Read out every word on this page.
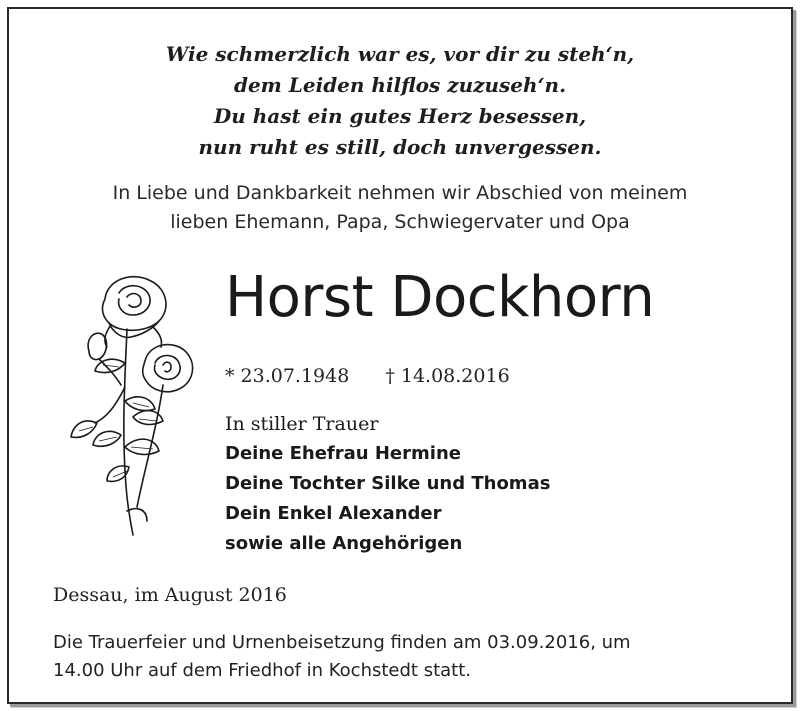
Wie schmerzlich war es, vor dir zu steh‘n,
dem Leiden hilflos zuzuseh‘n.
Du hast ein gutes Herz besessen,
nun ruht es still, doch unvergessen.
In Liebe und Dankbarkeit nehmen wir Abschied von meinem
lieben Ehemann, Papa, Schwiegervater und Opa
Horst Dockhorn
* 23.07.1948 † 14.08.2016
In stiller Trauer
Deine Ehefrau Hermine
Deine Tochter Silke und Thomas
Dein Enkel Alexander
sowie alle Angehörigen
Dessau, im August 2016
Die Trauerfeier und Urnenbeisetzung finden am 03.09.2016, um
14.00 Uhr auf dem Friedhof in Kochstedt statt.
